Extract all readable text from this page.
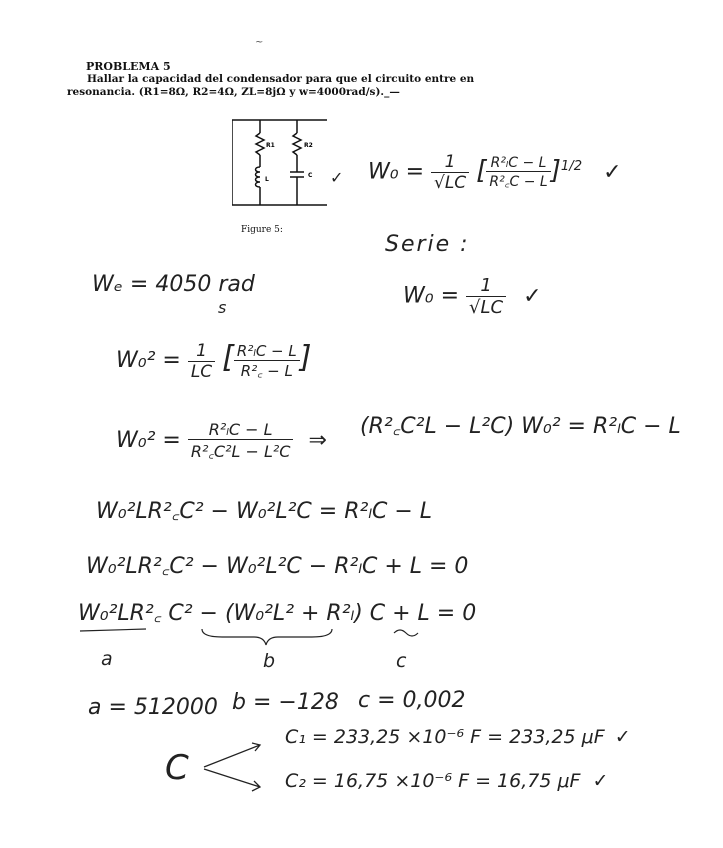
~
PROBLEMA 5
Hallar la capacidad del condensador para que el circuito entre en
resonancia. (R1=8Ω, R2=4Ω, ZL=8jΩ y w=4000rad/s)._—
R1	R2
L
C ✓
Figure 5:
$W_0 = \frac{1}{√LC}$ [ $\frac{\text{R²ₗC − L}}{\text{R²꜀C − L}} ]^{1/2}$ ✓
Serie :
$W_0 = \frac{1}{√LC}$ ✓
Wₑ = 4050 rad
s
$W_0^2 = \frac{1}{LC}$ [ $\frac{\text{R²ₗC − L}}{\text{R²꜀ − L}}$ ]
$W_0^2 = \frac{\text{R²ₗC − L}}{\text{R²꜀C²L − L²C}}$ ⇒
(R²꜀C²L − L²C) W₀² = R²ₗC − L
W₀²LR²꜀C² − W₀²L²C = R²ₗC − L
W₀²LR²꜀C² − W₀²L²C − R²ₗC + L = 0
W₀²LR²꜀ C² − (W₀²L² + R²ₗ) C + L = 0
a	b	c
a = 512000 b = −128 c = 0,002
C
C₁ = 233,25 ×10⁻⁶ F = 233,25 μF ✓
C₂ = 16,75 ×10⁻⁶ F = 16,75 μF ✓
